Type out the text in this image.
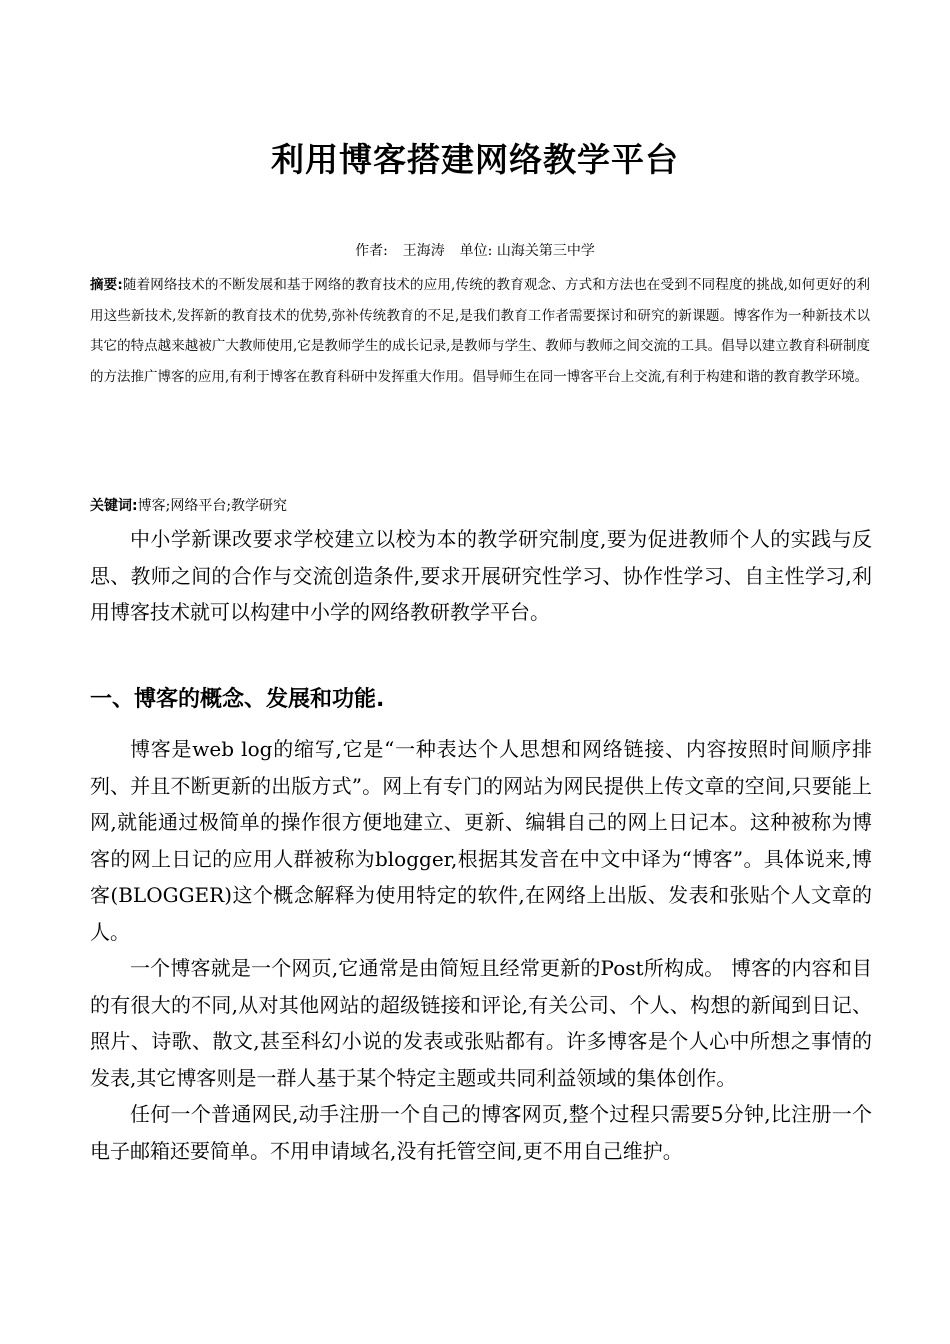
利用博客搭建网络教学平台
作者: 王海涛 单位: 山海关第三中学
摘要:随着网络技术的不断发展和基于网络的教育技术的应用,传统的教育观念、方式和方法也在受到不同程度的挑战,如何更好的利用这些新技术,发挥新的教育技术的优势,弥补传统教育的不足,是我们教育工作者需要探讨和研究的新课题。博客作为一种新技术以其它的特点越来越被广大教师使用,它是教师学生的成长记录,是教师与学生、教师与教师之间交流的工具。倡导以建立教育科研制度的方法推广博客的应用,有利于博客在教育科研中发挥重大作用。倡导师生在同一博客平台上交流,有利于构建和谐的教育教学环境。
关键词:博客;网络平台;教学研究

中小学新课改要求学校建立以校为本的教学研究制度,要为促进教师个人的实践与反思、教师之间的合作与交流创造条件,要求开展研究性学习、协作性学习、自主性学习,利用博客技术就可以构建中小学的网络教研教学平台。

一、博客的概念、发展和功能.

博客是web log的缩写,它是“一种表达个人思想和网络链接、内容按照时间顺序排列、并且不断更新的出版方式”。网上有专门的网站为网民提供上传文章的空间,只要能上网,就能通过极简单的操作很方便地建立、更新、编辑自己的网上日记本。这种被称为博客的网上日记的应用人群被称为blogger,根据其发音在中文中译为“博客”。具体说来,博客(BLOGGER)这个概念解释为使用特定的软件,在网络上出版、发表和张贴个人文章的人。

一个博客就是一个网页,它通常是由简短且经常更新的Post所构成。 博客的内容和目的有很大的不同,从对其他网站的超级链接和评论,有关公司、个人、构想的新闻到日记、照片、诗歌、散文,甚至科幻小说的发表或张贴都有。许多博客是个人心中所想之事情的发表,其它博客则是一群人基于某个特定主题或共同利益领域的集体创作。

任何一个普通网民,动手注册一个自己的博客网页,整个过程只需要5分钟,比注册一个电子邮箱还要简单。不用申请域名,没有托管空间,更不用自己维护。
